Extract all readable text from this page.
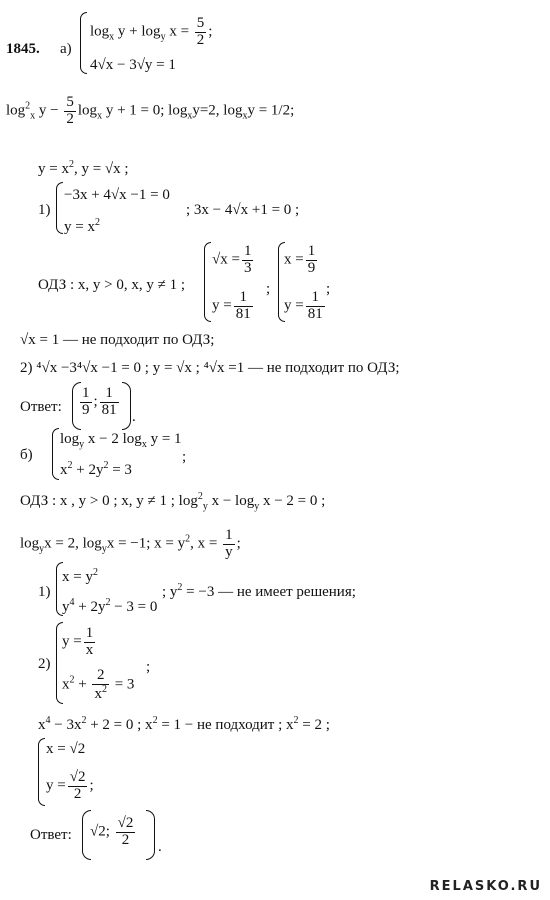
1845. а)
$\log_x y + \log_y x = \frac{5}{2}$ ;
4√x − 3√y = 1
$\log^2_x y - \frac{5}{2} \log_x y + 1 = 0$; $\log_xy=2$, $\log_xy = 1/2$;
$y = x^2$, y = √x ;
1)
−3x + 4√x −1 = 0
$y = x^2$
; 3x − 4√x +1 = 0 ;
ОДЗ : x, y > 0, x, y ≠ 1 ;
$√x = \frac{1}{3}$
$y = \frac{1}{81}$
;
$x = \frac{1}{9}$
$y = \frac{1}{81}$
;
√x = 1 — не подходит по ОДЗ;
2) ⁴√x −3⁴√x −1 = 0 ; y = √x ; ⁴√x =1 — не подходит по ОДЗ;
Ответ: $\frac{1}{9}$ ; $\frac{1}{81}$ .
б)
$\log_y x - 2$ $\log_x y = 1$
$x^2 + 2y^2 = 3$
;
ОДЗ : x , y > 0 ; x, y ≠ 1 ; $\log^2_y x - \log_y x - 2 = 0$ ;
$\log_yx = 2$, $\log_yx = -1$; $x = y^2$, $x = \frac{1}{y}$ ;
1)
$x = y^2$
$y^4 + 2y^2 - 3 = 0$
; $y^2 = -3$ — не имеет решения;
2)
$y = \frac{1}{x}$
$x^2 + \frac{2}{x^2} = 3$
;
$x^4 - 3x^2 + 2 = 0$ ; $x^2 = 1$ − не подходит ; $x^2 = 2$ ;
x = √2
$y = \frac{√2}{2}$ ;
Ответ: √2; $\frac{√2}{2}$ .
RELASKO.RU
